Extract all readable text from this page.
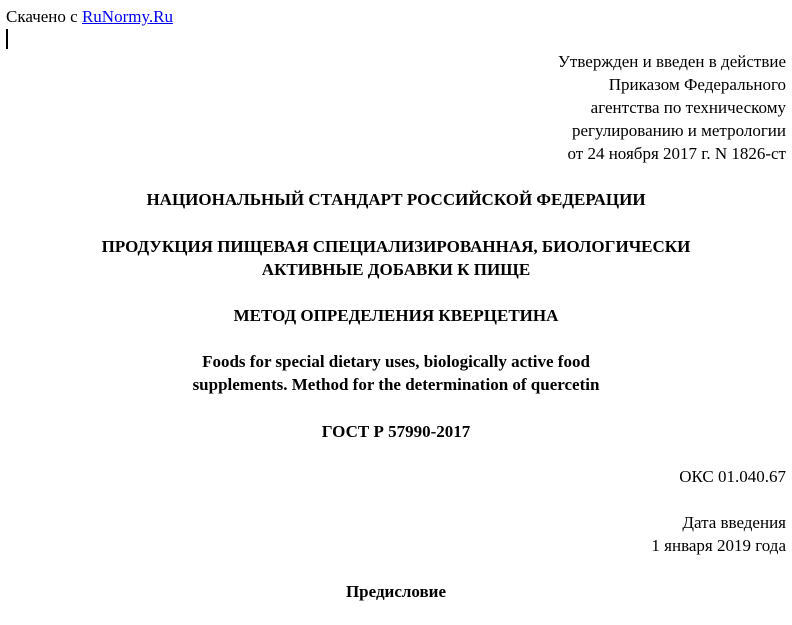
Скачено с RuNormy.Ru
Утвержден и введен в действие
Приказом Федерального
агентства по техническому
регулированию и метрологии
от 24 ноября 2017 г. N 1826-ст
НАЦИОНАЛЬНЫЙ СТАНДАРТ РОССИЙСКОЙ ФЕДЕРАЦИИ
ПРОДУКЦИЯ ПИЩЕВАЯ СПЕЦИАЛИЗИРОВАННАЯ, БИОЛОГИЧЕСКИ
АКТИВНЫЕ ДОБАВКИ К ПИЩЕ
МЕТОД ОПРЕДЕЛЕНИЯ КВЕРЦЕТИНА
Foods for special dietary uses, biologically active food
supplements. Method for the determination of quercetin
ГОСТ Р 57990-2017
ОКС 01.040.67
Дата введения
1 января 2019 года
Предисловие
